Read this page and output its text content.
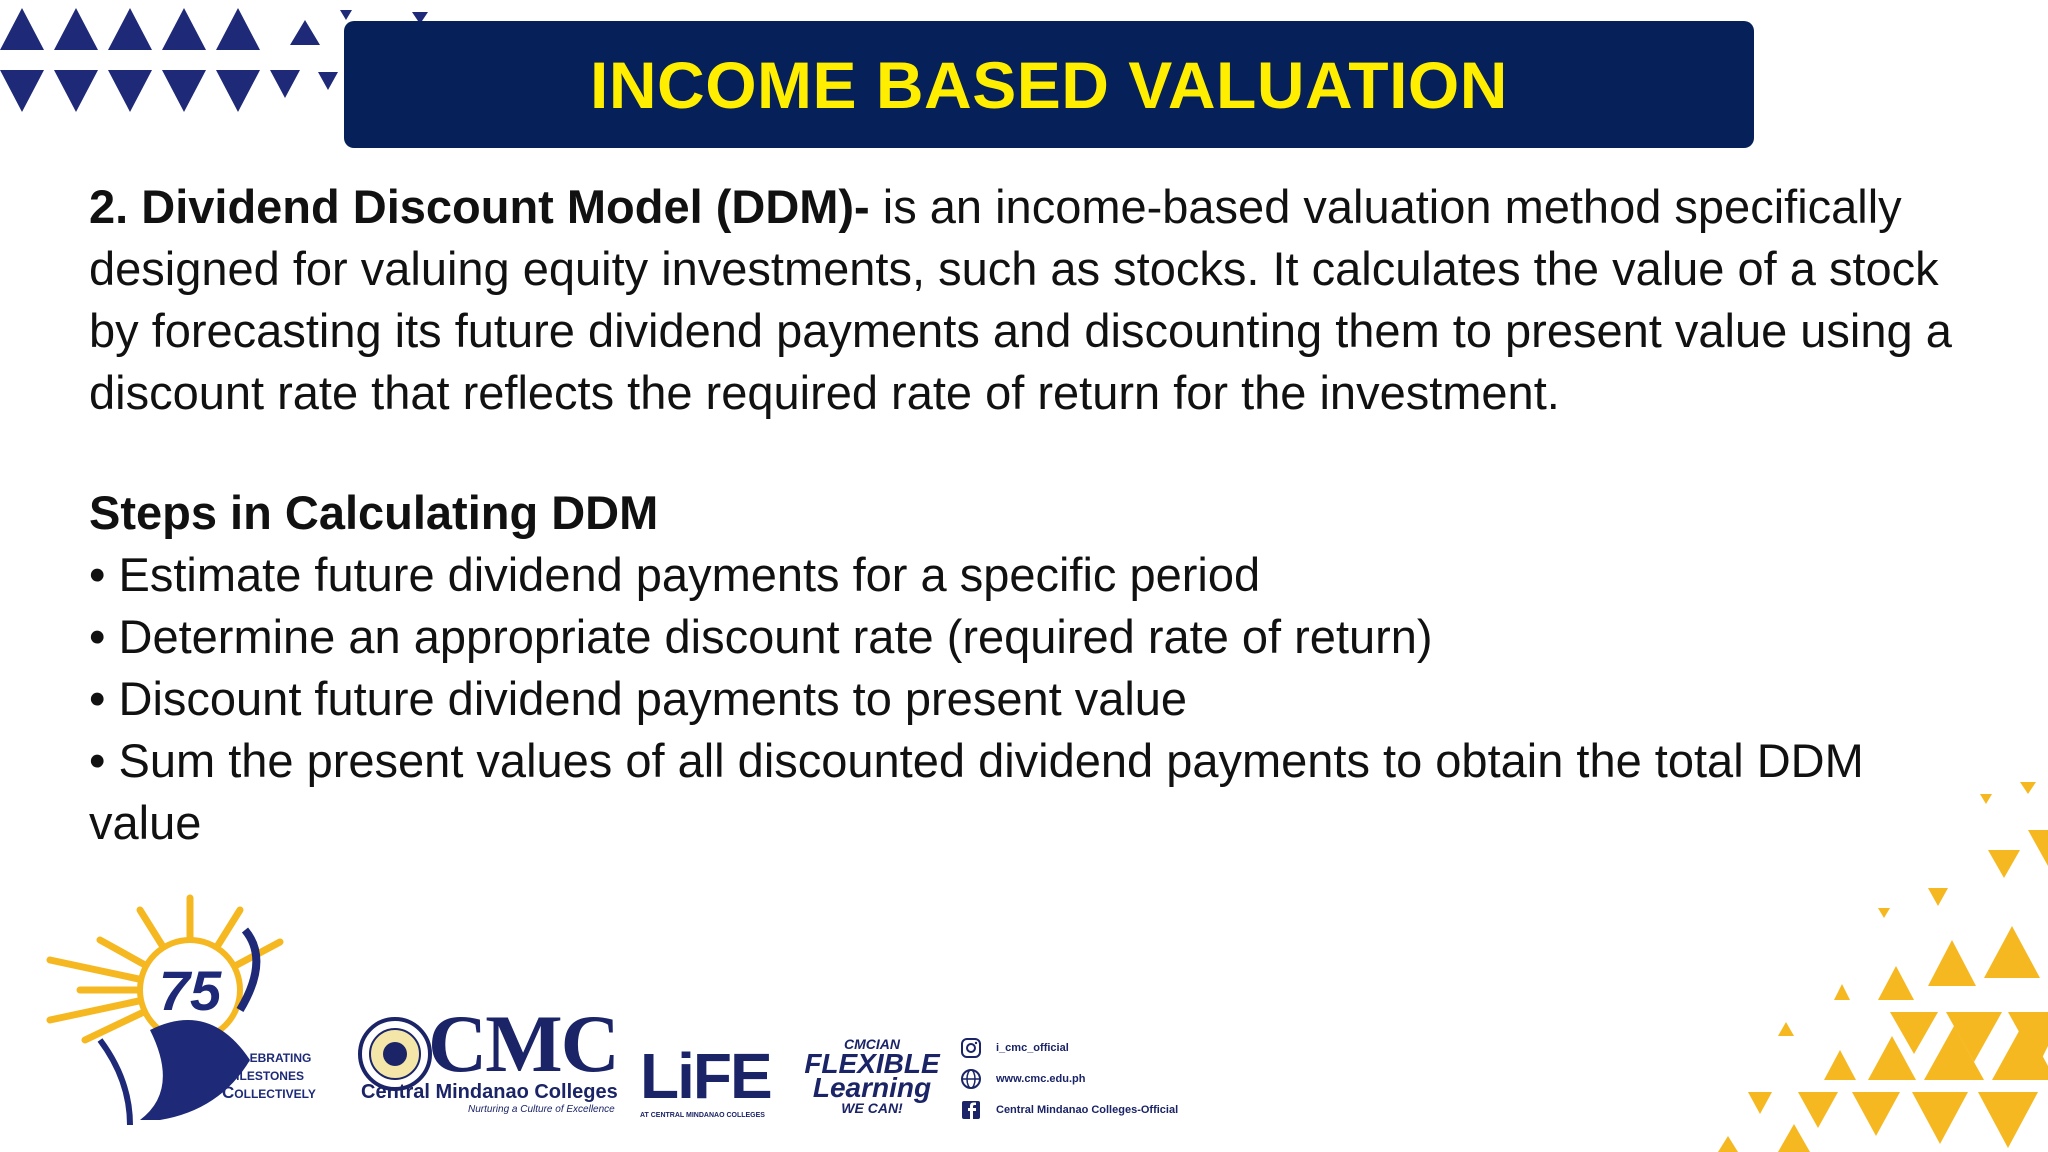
INCOME BASED VALUATION

2. Dividend Discount Model (DDM)- is an income-based valuation method specifically designed for valuing equity investments, such as stocks. It calculates the value of a stock by forecasting its future dividend payments and discounting them to present value using a discount rate that reflects the required rate of return for the investment.

Steps in Calculating DDM

• Estimate future dividend payments for a specific period
• Determine an appropriate discount rate (required rate of return)
• Discount future dividend payments to present value
• Sum the present values of all discounted dividend payments to obtain the total DDM value
75
Celebrating
Milestones
Collectively
CMC
Central Mindanao Colleges
Nurturing a Culture of Excellence LiFE
AT CENTRAL MINDANAO COLLEGES
CMCIAN
FLEXIBLE
Learning
WE CAN!
i_cmc_official
www.cmc.edu.ph
Central Mindanao Colleges-Official
